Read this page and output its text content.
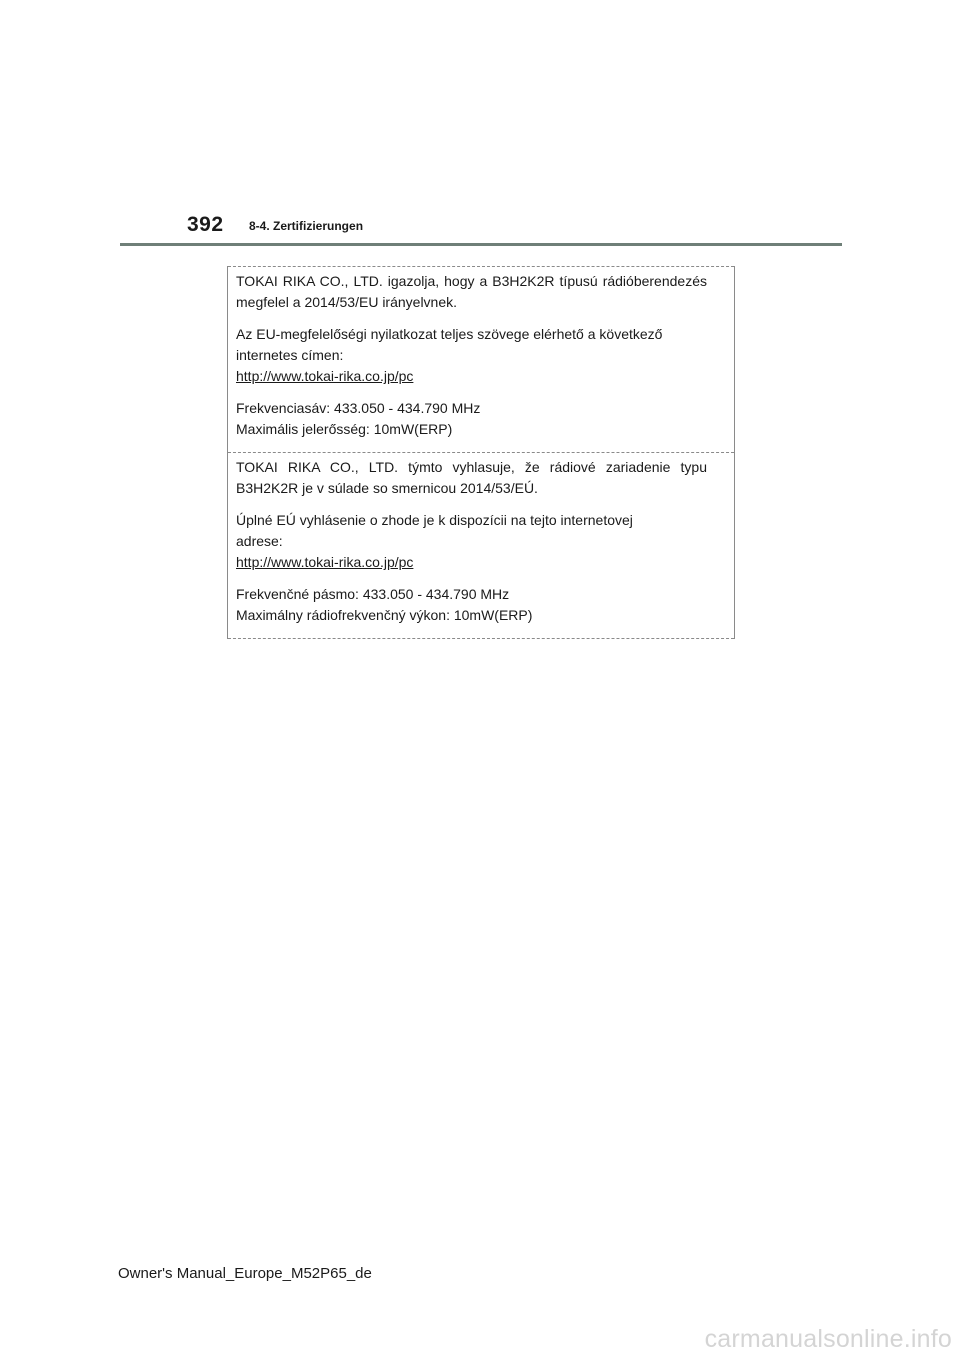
392 8-4. Zertifizierungen

TOKAI RIKA CO., LTD. igazolja, hogy a B3H2K2R típusú rádióberendezés megfelel a 2014/53/EU irányelvnek.

Az EU-megfelelőségi nyilatkozat teljes szövege elérhető a következő
internetes címen:
http://www.tokai-rika.co.jp/pc

Frekvenciasáv: 433.050 - 434.790 MHz
Maximális jelerősség: 10mW(ERP)

TOKAI RIKA CO., LTD. týmto vyhlasuje, že rádiové zariadenie typu B3H2K2R je v súlade so smernicou 2014/53/EÚ.

Úplné EÚ vyhlásenie o zhode je k dispozícii na tejto internetovej
adrese:
http://www.tokai-rika.co.jp/pc

Frekvenčné pásmo: 433.050 - 434.790 MHz
Maximálny rádiofrekvenčný výkon: 10mW(ERP)

Owner's Manual_Europe_M52P65_de
carmanualsonline.info
